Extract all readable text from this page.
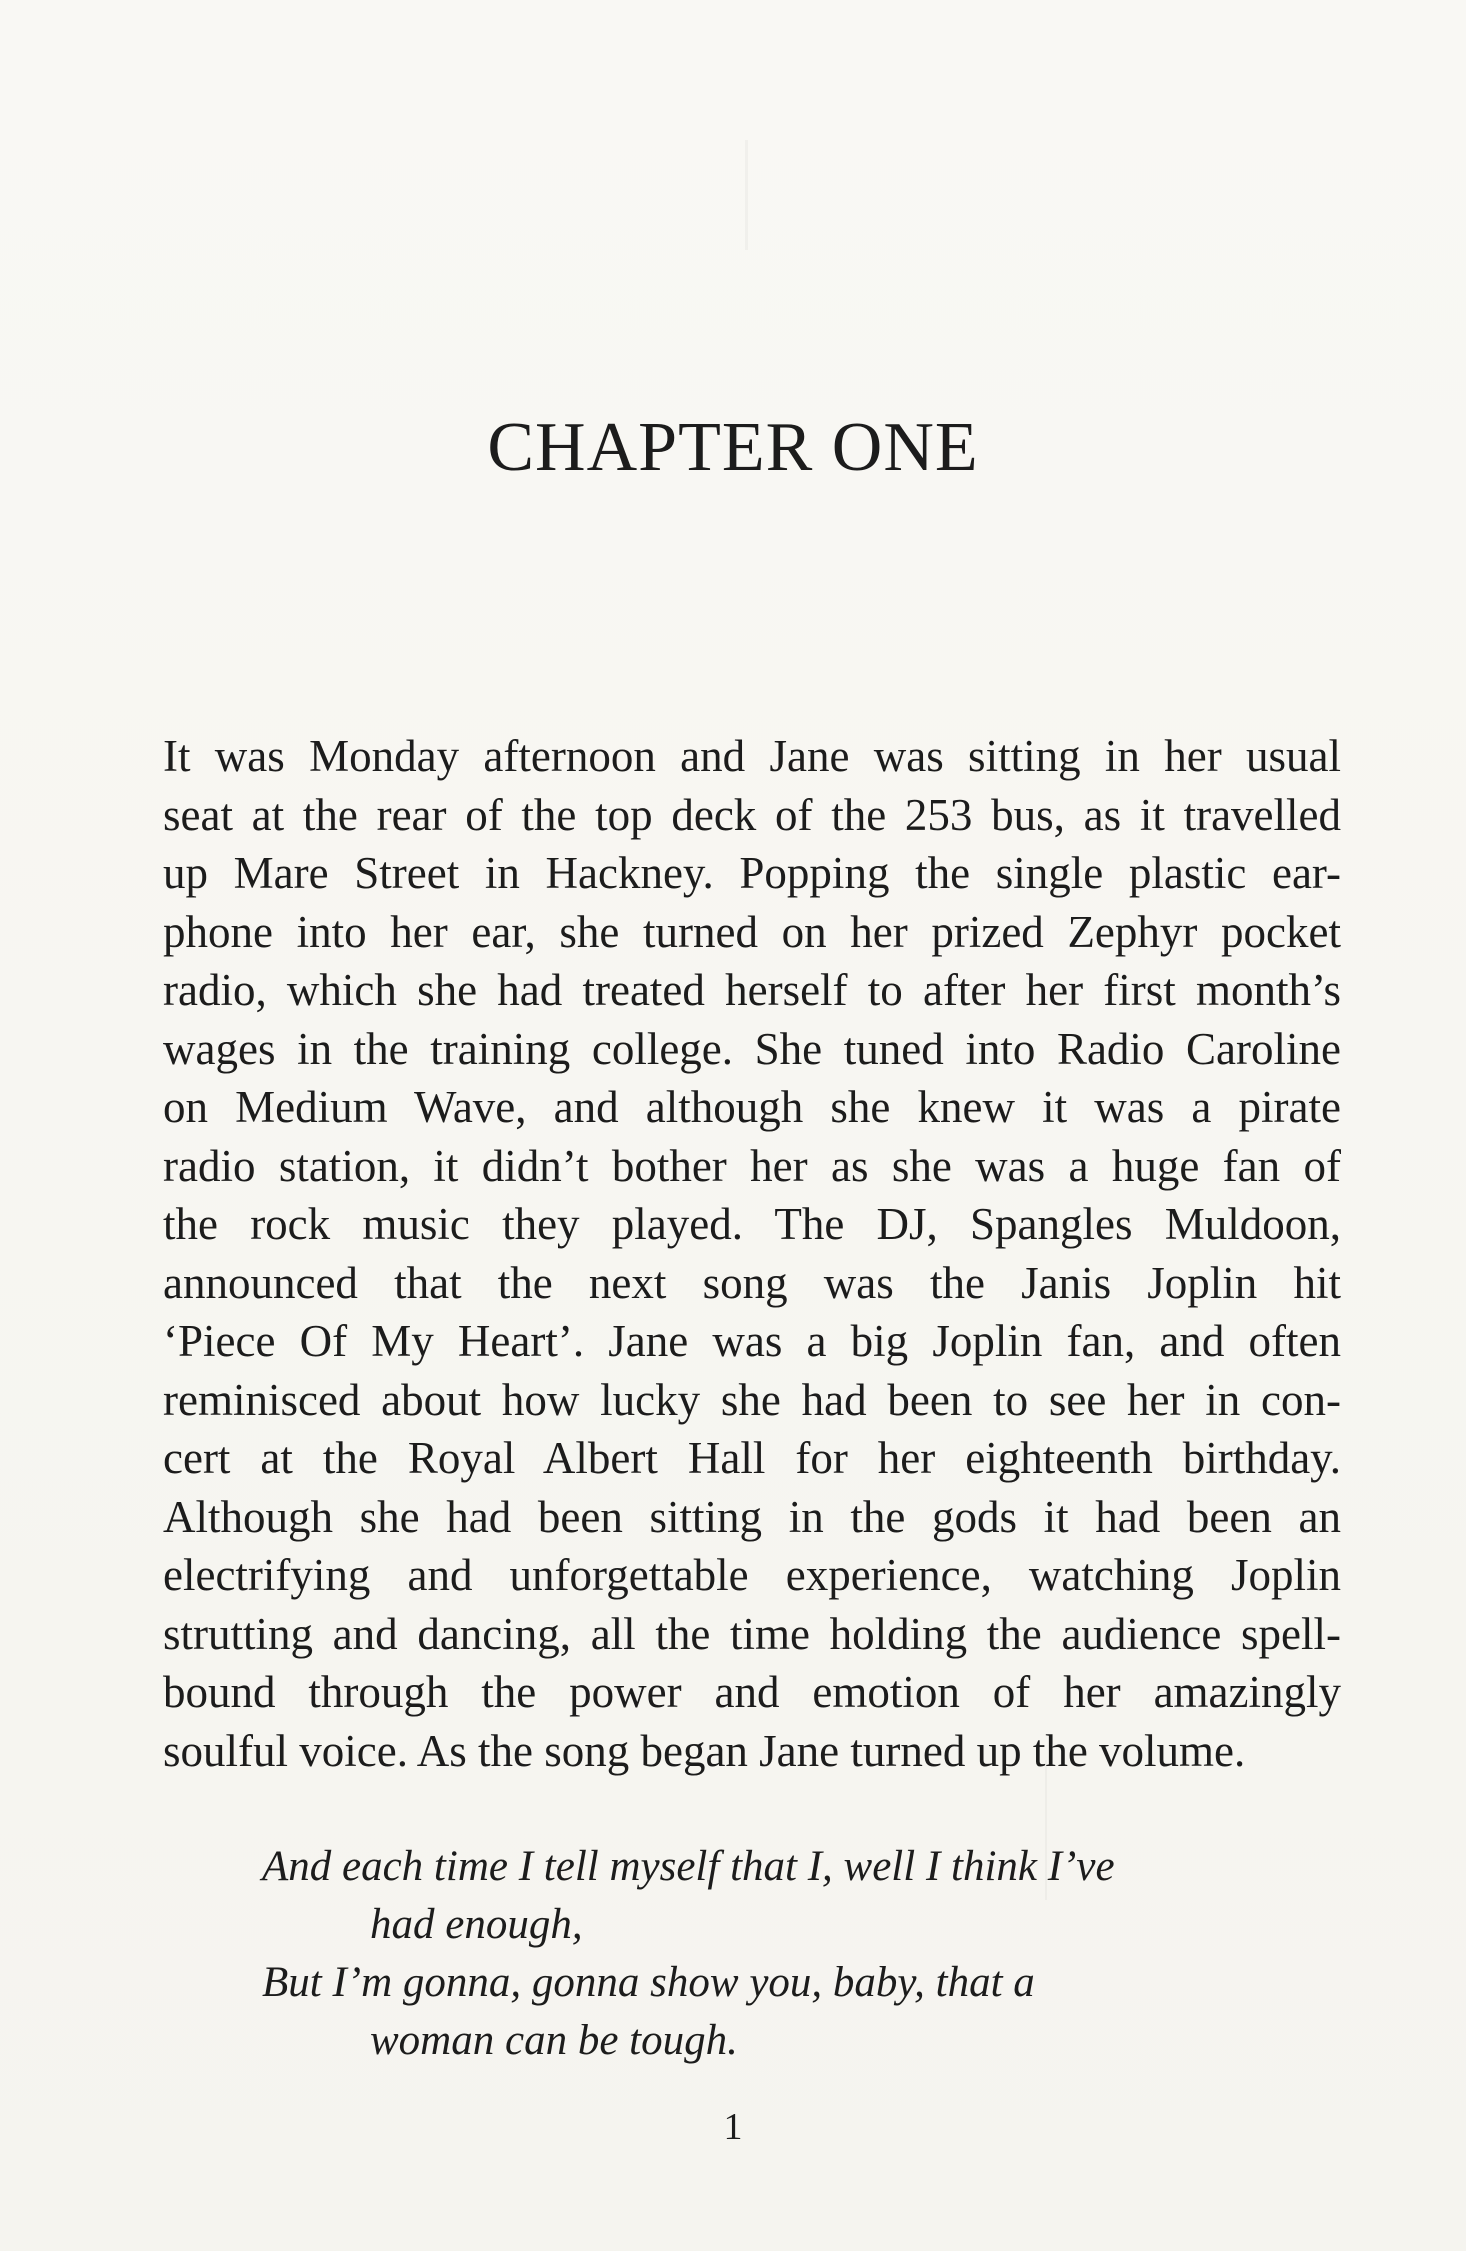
CHAPTER ONE
It was Monday afternoon and Jane was sitting in her usual
seat at the rear of the top deck of the 253 bus, as it travelled
up Mare Street in Hackney. Popping the single plastic ear-
phone into her ear, she turned on her prized Zephyr pocket
radio, which she had treated herself to after her first month’s
wages in the training college. She tuned into Radio Caroline
on Medium Wave, and although she knew it was a pirate
radio station, it didn’t bother her as she was a huge fan of
the rock music they played. The DJ, Spangles Muldoon,
announced that the next song was the Janis Joplin hit
‘Piece Of My Heart’. Jane was a big Joplin fan, and often
reminisced about how lucky she had been to see her in con-
cert at the Royal Albert Hall for her eighteenth birthday.
Although she had been sitting in the gods it had been an
electrifying and unforgettable experience, watching Joplin
strutting and dancing, all the time holding the audience spell-
bound through the power and emotion of her amazingly
soulful voice. As the song began Jane turned up the volume.
And each time I tell myself that I, well I think I’ve
had enough,
But I’m gonna, gonna show you, baby, that a
woman can be tough.
1
